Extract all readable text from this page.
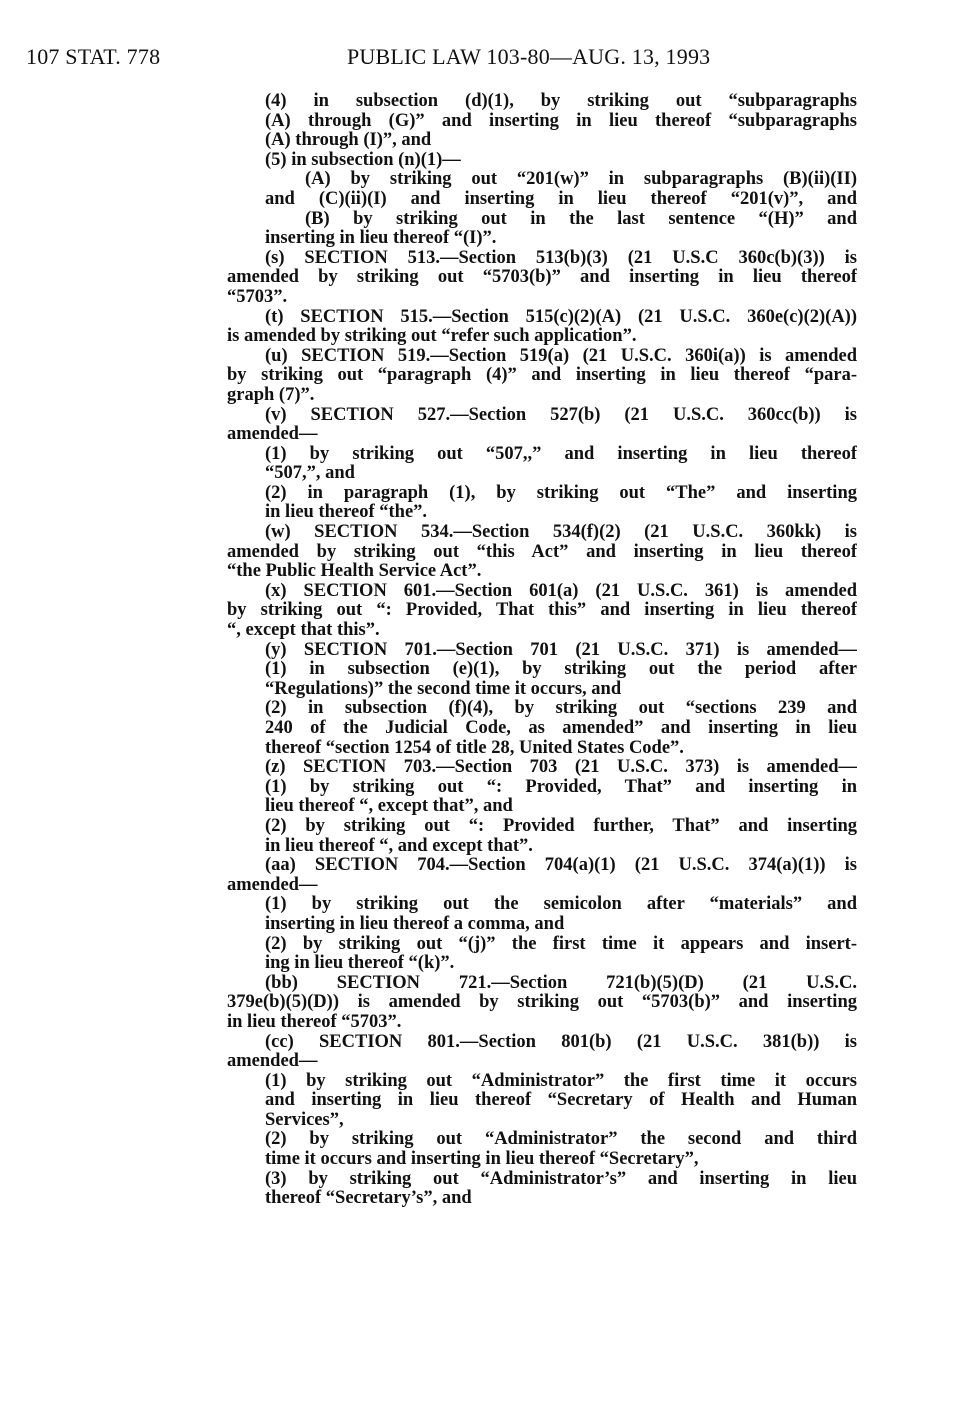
107 STAT. 778	PUBLIC LAW 103-80—AUG. 13, 1993
(4) in subsection (d)(1), by striking out “subparagraphs
(A) through (G)” and inserting in lieu thereof “subparagraphs
(A) through (I)”, and
(5) in subsection (n)(1)—
(A) by striking out “201(w)” in subparagraphs (B)(ii)(II)
and (C)(ii)(I) and inserting in lieu thereof “201(v)”, and
(B) by striking out in the last sentence “(H)” and
inserting in lieu thereof “(I)”.
(s) SECTION 513.—Section 513(b)(3) (21 U.S.C 360c(b)(3)) is
amended by striking out “5703(b)” and inserting in lieu thereof
“5703”.
(t) SECTION 515.—Section 515(c)(2)(A) (21 U.S.C. 360e(c)(2)(A))
is amended by striking out “refer such application”.
(u) SECTION 519.—Section 519(a) (21 U.S.C. 360i(a)) is amended
by striking out “paragraph (4)” and inserting in lieu thereof “para-
graph (7)”.
(v) SECTION 527.—Section 527(b) (21 U.S.C. 360cc(b)) is
amended—
(1) by striking out “507,,” and inserting in lieu thereof
“507,”, and
(2) in paragraph (1), by striking out “The” and inserting
in lieu thereof “the”.
(w) SECTION 534.—Section 534(f)(2) (21 U.S.C. 360kk) is
amended by striking out “this Act” and inserting in lieu thereof
“the Public Health Service Act”.
(x) SECTION 601.—Section 601(a) (21 U.S.C. 361) is amended
by striking out “: Provided, That this” and inserting in lieu thereof
“, except that this”.
(y) SECTION 701.—Section 701 (21 U.S.C. 371) is amended—
(1) in subsection (e)(1), by striking out the period after
“Regulations)” the second time it occurs, and
(2) in subsection (f)(4), by striking out “sections 239 and
240 of the Judicial Code, as amended” and inserting in lieu
thereof “section 1254 of title 28, United States Code”.
(z) SECTION 703.—Section 703 (21 U.S.C. 373) is amended—
(1) by striking out “: Provided, That” and inserting in
lieu thereof “, except that”, and
(2) by striking out “: Provided further, That” and inserting
in lieu thereof “, and except that”.
(aa) SECTION 704.—Section 704(a)(1) (21 U.S.C. 374(a)(1)) is
amended—
(1) by striking out the semicolon after “materials” and
inserting in lieu thereof a comma, and
(2) by striking out “(j)” the first time it appears and insert-
ing in lieu thereof “(k)”.
(bb) SECTION 721.—Section 721(b)(5)(D) (21 U.S.C.
379e(b)(5)(D)) is amended by striking out “5703(b)” and inserting
in lieu thereof “5703”.
(cc) SECTION 801.—Section 801(b) (21 U.S.C. 381(b)) is
amended—
(1) by striking out “Administrator” the first time it occurs
and inserting in lieu thereof “Secretary of Health and Human
Services”,
(2) by striking out “Administrator” the second and third
time it occurs and inserting in lieu thereof “Secretary”,
(3) by striking out “Administrator’s” and inserting in lieu
thereof “Secretary’s”, and
